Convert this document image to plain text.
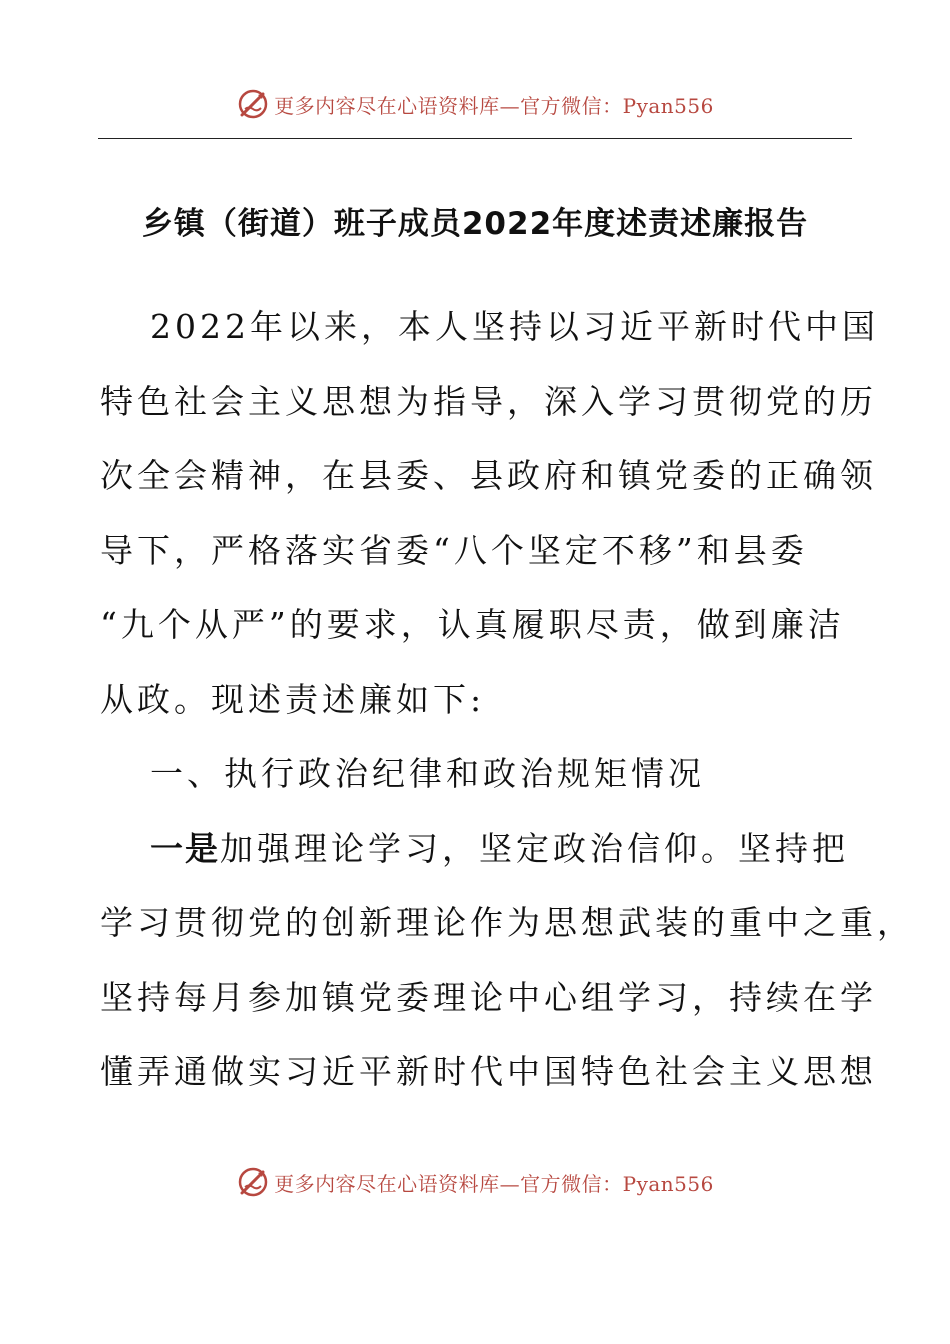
更多内容尽在心语资料库—官方微信：Pyan556
乡镇（街道）班子成员2022年度述责述廉报告
2022年以来，本人坚持以习近平新时代中国
特色社会主义思想为指导，深入学习贯彻党的历
次全会精神，在县委、县政府和镇党委的正确领
导下，严格落实省委“八个坚定不移”和县委
“九个从严”的要求，认真履职尽责，做到廉洁
从政。现述责述廉如下:
一、执行政治纪律和政治规矩情况
一是加强理论学习，坚定政治信仰。坚持把
学习贯彻党的创新理论作为思想武装的重中之重，
坚持每月参加镇党委理论中心组学习，持续在学
懂弄通做实习近平新时代中国特色社会主义思想
更多内容尽在心语资料库—官方微信：Pyan556
